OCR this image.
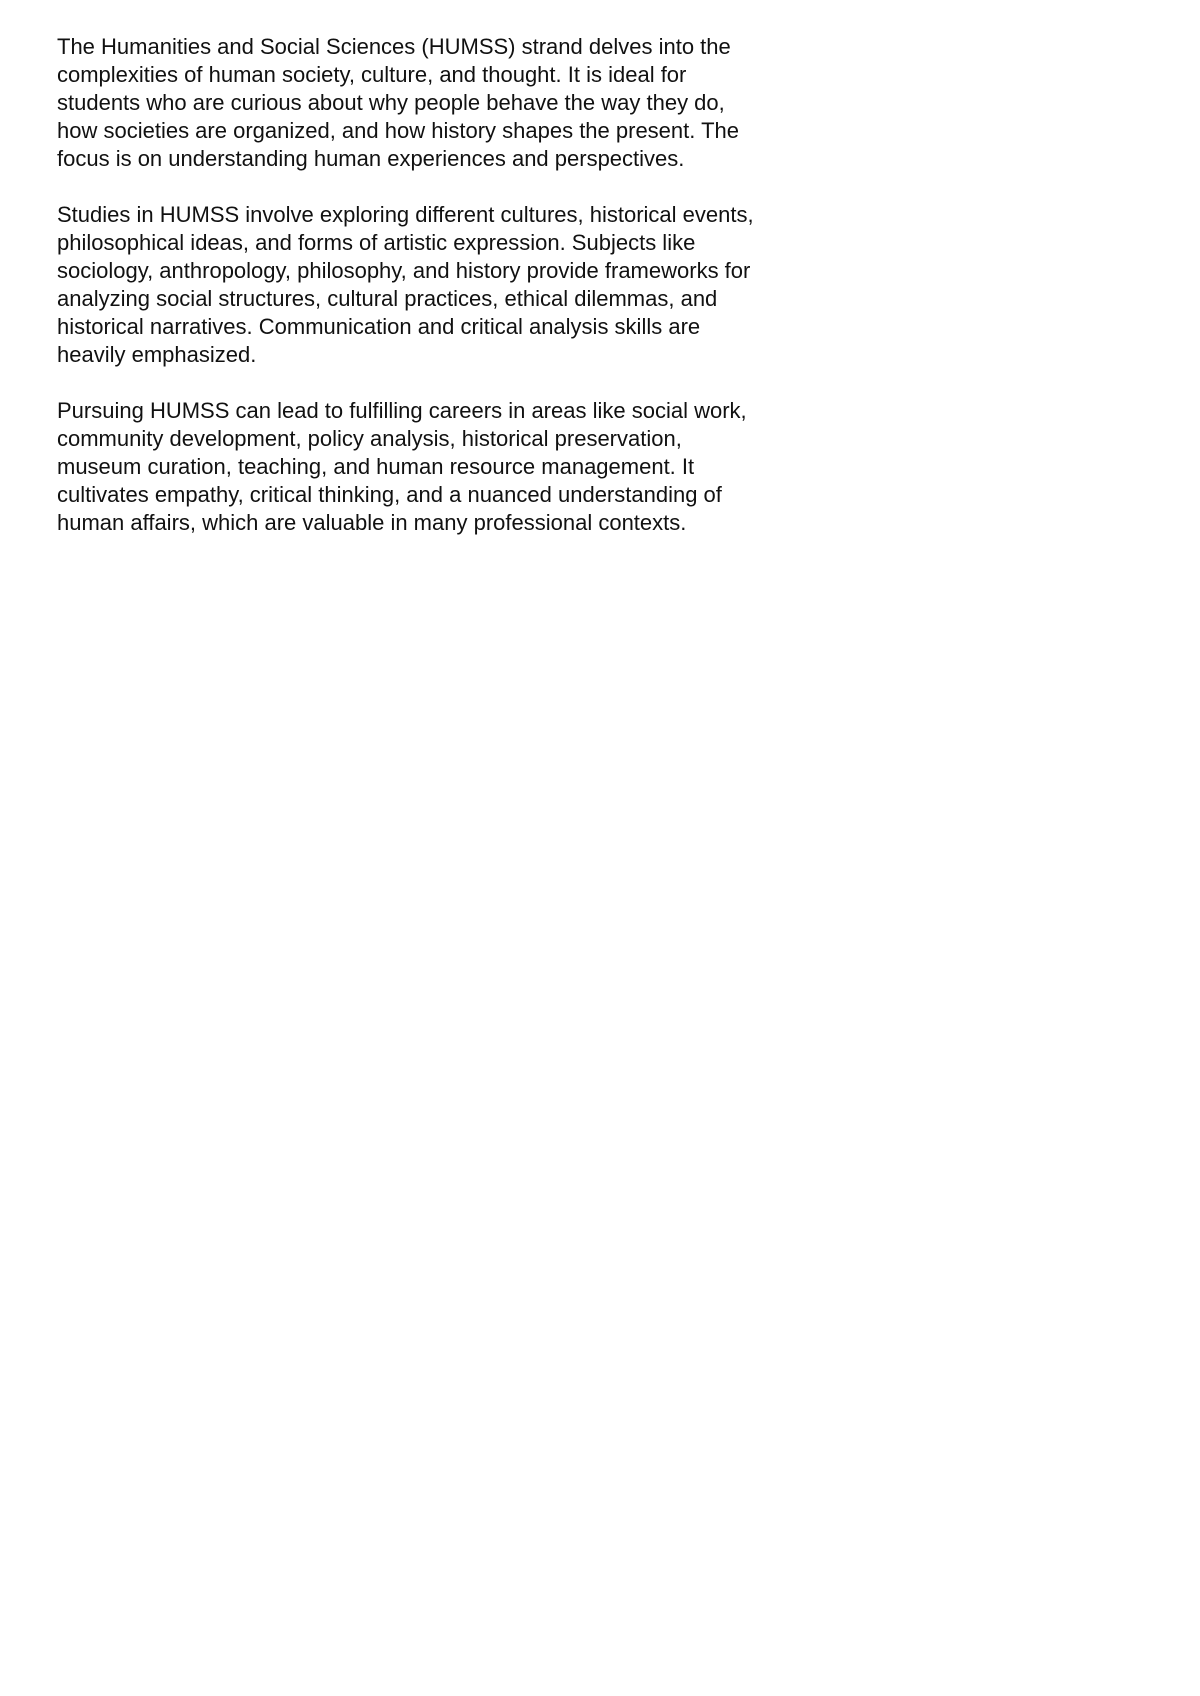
The Humanities and Social Sciences (HUMSS) strand delves into the
complexities of human society, culture, and thought. It is ideal for
students who are curious about why people behave the way they do,
how societies are organized, and how history shapes the present. The
focus is on understanding human experiences and perspectives.

Studies in HUMSS involve exploring different cultures, historical events,
philosophical ideas, and forms of artistic expression. Subjects like
sociology, anthropology, philosophy, and history provide frameworks for
analyzing social structures, cultural practices, ethical dilemmas, and
historical narratives. Communication and critical analysis skills are
heavily emphasized.

Pursuing HUMSS can lead to fulfilling careers in areas like social work,
community development, policy analysis, historical preservation,
museum curation, teaching, and human resource management. It
cultivates empathy, critical thinking, and a nuanced understanding of
human affairs, which are valuable in many professional contexts.
